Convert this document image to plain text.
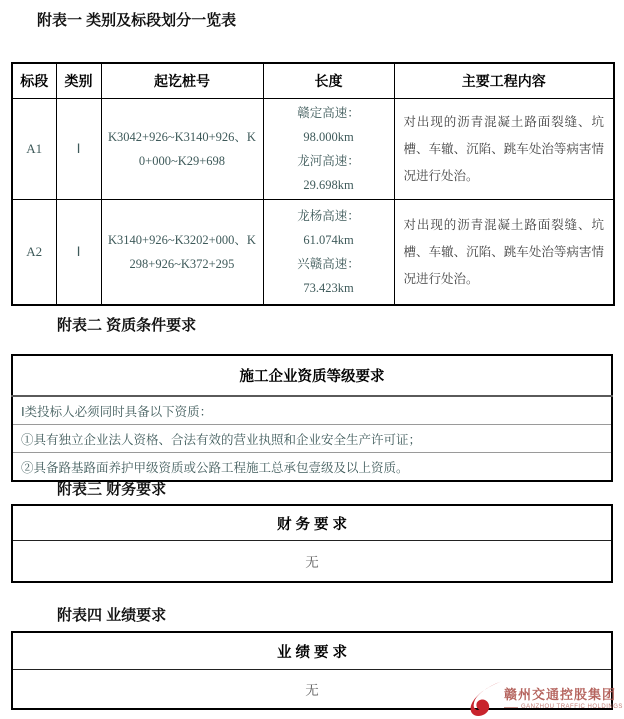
附表一 类别及标段划分一览表
标段	类别	起讫桩号	长度	主要工程内容
A1	Ⅰ	K3042+926~K3140+926、K0+000~K29+698	赣定高速：
98.000km
龙河高速：
29.698km	对出现的沥青混凝土路面裂缝、坑槽、车辙、沉陷、跳车处治等病害情况进行处治。
A2	Ⅰ	K3140+926~K3202+000、K298+926~K372+295	龙杨高速：
61.074km
兴赣高速：
73.423km	对出现的沥青混凝土路面裂缝、坑槽、车辙、沉陷、跳车处治等病害情况进行处治。
附表二 资质条件要求
施工企业资质等级要求
Ⅰ类投标人必须同时具备以下资质：
①具有独立企业法人资格、合法有效的营业执照和企业安全生产许可证；
②具备路基路面养护甲级资质或公路工程施工总承包壹级及以上资质。
附表三 财务要求
财 务 要 求
无
附表四 业绩要求
业 绩 要 求
无	赣州交通控股集团
GANZHOU TRAFFIC HOLDINGS
